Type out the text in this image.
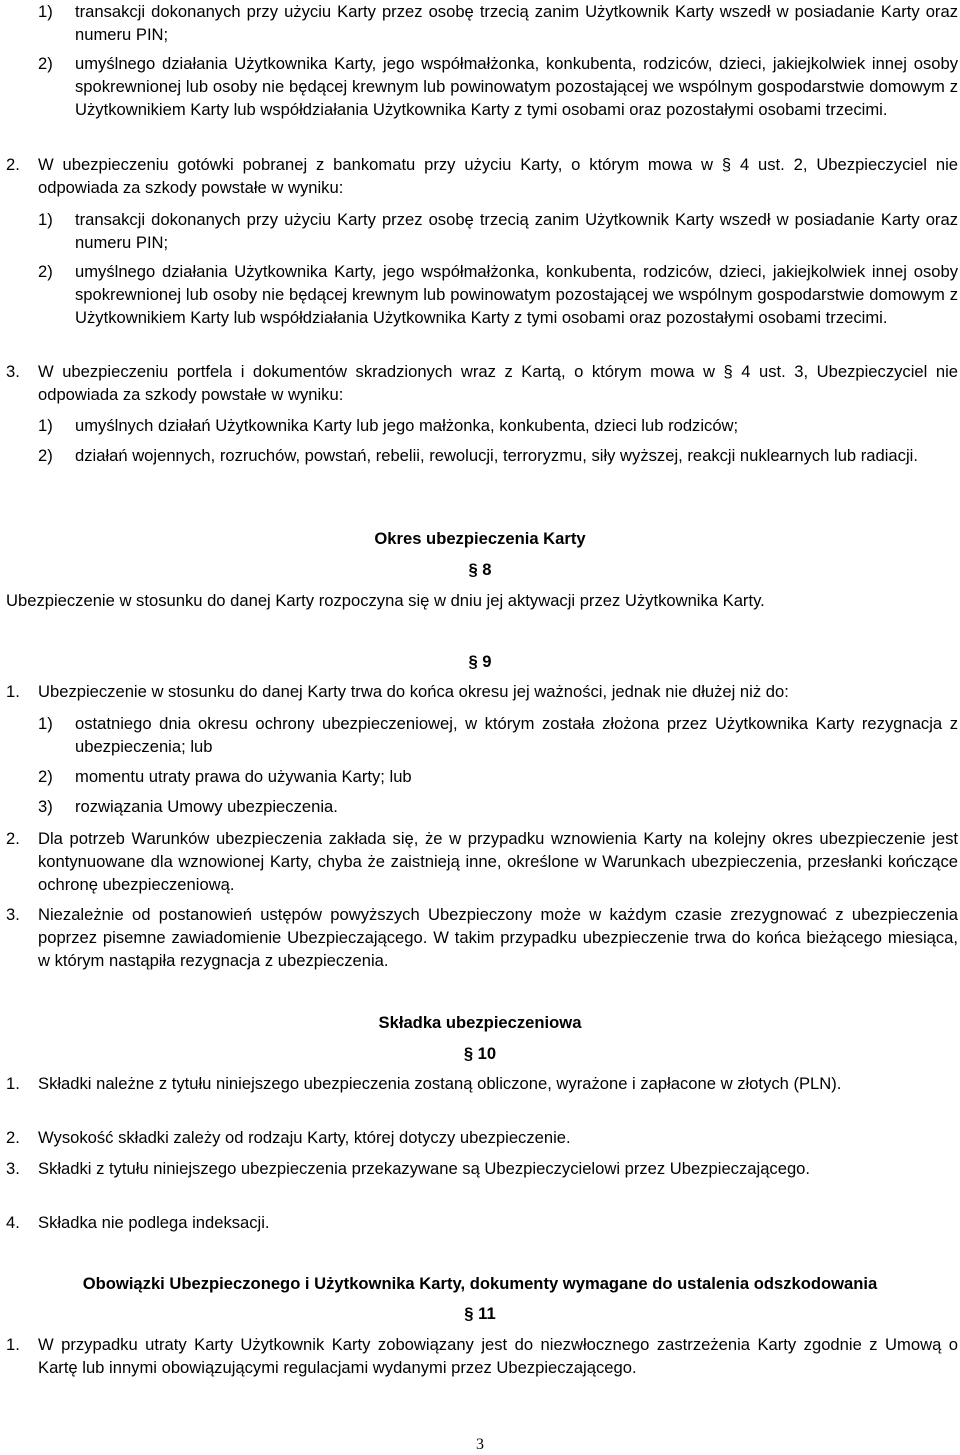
1) transakcji dokonanych przy użyciu Karty przez osobę trzecią zanim Użytkownik Karty wszedł w posiadanie Karty oraz numeru PIN;
2) umyślnego działania Użytkownika Karty, jego współmałżonka, konkubenta, rodziców, dzieci, jakiejkolwiek innej osoby spokrewnionej lub osoby nie będącej krewnym lub powinowatym pozostającej we wspólnym gospodarstwie domowym z Użytkownikiem Karty lub współdziałania Użytkownika Karty z tymi osobami oraz pozostałymi osobami trzecimi.
2. W ubezpieczeniu gotówki pobranej z bankomatu przy użyciu Karty, o którym mowa w § 4 ust. 2, Ubezpieczyciel nie odpowiada za szkody powstałe w wyniku:
1) transakcji dokonanych przy użyciu Karty przez osobę trzecią zanim Użytkownik Karty wszedł w posiadanie Karty oraz numeru PIN;
2) umyślnego działania Użytkownika Karty, jego współmałżonka, konkubenta, rodziców, dzieci, jakiejkolwiek innej osoby spokrewnionej lub osoby nie będącej krewnym lub powinowatym pozostającej we wspólnym gospodarstwie domowym z Użytkownikiem Karty lub współdziałania Użytkownika Karty z tymi osobami oraz pozostałymi osobami trzecimi.
3. W ubezpieczeniu portfela i dokumentów skradzionych wraz z Kartą, o którym mowa w § 4 ust. 3, Ubezpieczyciel nie odpowiada za szkody powstałe w wyniku:
1) umyślnych działań Użytkownika Karty lub jego małżonka, konkubenta, dzieci lub rodziców;
2) działań wojennych, rozruchów, powstań, rebelii, rewolucji, terroryzmu, siły wyższej, reakcji nuklearnych lub radiacji.
Okres ubezpieczenia Karty
§ 8
Ubezpieczenie w stosunku do danej Karty rozpoczyna się w dniu jej aktywacji przez Użytkownika Karty.
§ 9
1. Ubezpieczenie w stosunku do danej Karty trwa do końca okresu jej ważności, jednak nie dłużej niż do:
1) ostatniego dnia okresu ochrony ubezpieczeniowej, w którym została złożona przez Użytkownika Karty rezygnacja z ubezpieczenia; lub
2) momentu utraty prawa do używania Karty; lub
3) rozwiązania Umowy ubezpieczenia.
2. Dla potrzeb Warunków ubezpieczenia zakłada się, że w przypadku wznowienia Karty na kolejny okres ubezpieczenie jest kontynuowane dla wznowionej Karty, chyba że zaistnieją inne, określone w Warunkach ubezpieczenia, przesłanki kończące ochronę ubezpieczeniową.
3. Niezależnie od postanowień ustępów powyższych Ubezpieczony może w każdym czasie zrezygnować z ubezpieczenia poprzez pisemne zawiadomienie Ubezpieczającego. W takim przypadku ubezpieczenie trwa do końca bieżącego miesiąca, w którym nastąpiła rezygnacja z ubezpieczenia.
Składka ubezpieczeniowa
§ 10
1. Składki należne z tytułu niniejszego ubezpieczenia zostaną obliczone, wyrażone i zapłacone w złotych (PLN).
2. Wysokość składki zależy od rodzaju Karty, której dotyczy ubezpieczenie.
3. Składki z tytułu niniejszego ubezpieczenia przekazywane są Ubezpieczycielowi przez Ubezpieczającego.
4. Składka nie podlega indeksacji.
Obowiązki Ubezpieczonego i Użytkownika Karty, dokumenty wymagane do ustalenia odszkodowania
§ 11
1. W przypadku utraty Karty Użytkownik Karty zobowiązany jest do niezwłocznego zastrzeżenia Karty zgodnie z Umową o Kartę lub innymi obowiązującymi regulacjami wydanymi przez Ubezpieczającego.
3
